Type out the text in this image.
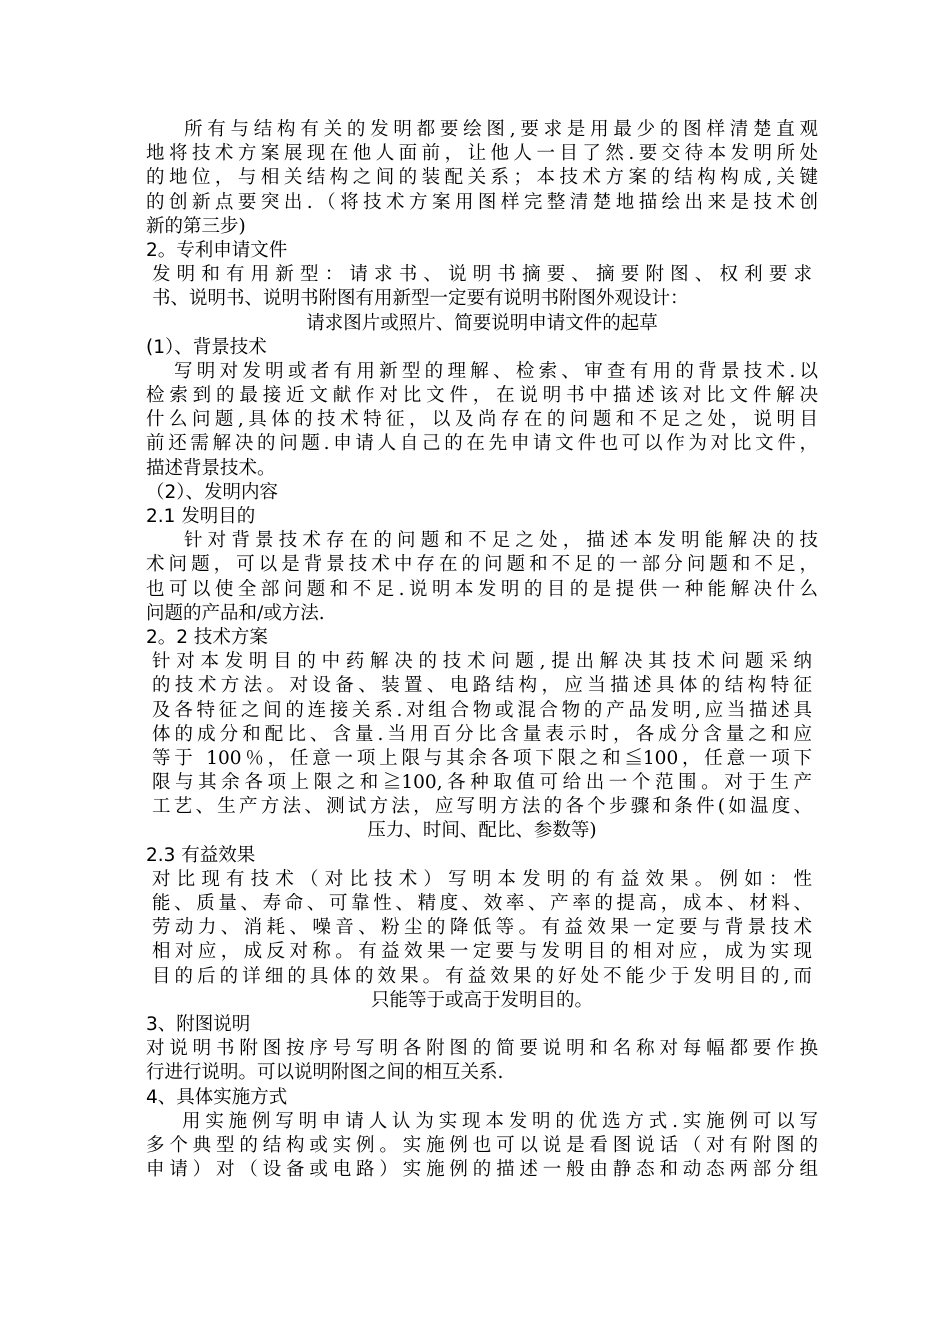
所有与结构有关的发明都要绘图,要求是用最少的图样清楚直观
地将技术方案展现在他人面前，让他人一目了然.要交待本发明所处
的地位，与相关结构之间的装配关系；本技术方案的结构构成,关键
的创新点要突出.（将技术方案用图样完整清楚地描绘出来是技术创
新的第三步)
2。专利申请文件
发明和有用新型：请求书、说明书摘要、摘要附图、权利要求
书、说明书、说明书附图有用新型一定要有说明书附图外观设计：
请求图片或照片、简要说明申请文件的起草
(1）、背景技术
写明对发明或者有用新型的理解、检索、审查有用的背景技术.以
检索到的最接近文献作对比文件，在说明书中描述该对比文件解决
什么问题,具体的技术特征，以及尚存在的问题和不足之处，说明目
前还需解决的问题.申请人自己的在先申请文件也可以作为对比文件，
描述背景技术。
（2）、发明内容
2.1 发明目的
针对背景技术存在的问题和不足之处，描述本发明能解决的技
术问题，可以是背景技术中存在的问题和不足的一部分问题和不足，
也可以使全部问题和不足.说明本发明的目的是提供一种能解决什么
问题的产品和/或方法.
2。2 技术方案
针对本发明目的中药解决的技术问题,提出解决其技术问题采纳
的技术方法。对设备、装置、电路结构，应当描述具体的结构特征
及各特征之间的连接关系.对组合物或混合物的产品发明,应当描述具
体的成分和配比、含量.当用百分比含量表示时，各成分含量之和应
等于 100％，任意一项上限与其余各项下限之和≦100，任意一项下
限与其余各项上限之和≧100,各种取值可给出一个范围。对于生产
工艺、生产方法、测试方法，应写明方法的各个步骤和条件(如温度、
压力、时间、配比、参数等)
2.3 有益效果
对比现有技术（对比技术）写明本发明的有益效果。例如：性
能、质量、寿命、可靠性、精度、效率、产率的提高，成本、材料、
劳动力、消耗、噪音、粉尘的降低等。有益效果一定要与背景技术
相对应，成反对称。有益效果一定要与发明目的相对应，成为实现
目的后的详细的具体的效果。有益效果的好处不能少于发明目的,而
只能等于或高于发明目的。
3、附图说明
对说明书附图按序号写明各附图的简要说明和名称对每幅都要作换
行进行说明。可以说明附图之间的相互关系.
4、具体实施方式
用实施例写明申请人认为实现本发明的优选方式.实施例可以写
多个典型的结构或实例。实施例也可以说是看图说话（对有附图的
申请）对（设备或电路）实施例的描述一般由静态和动态两部分组
